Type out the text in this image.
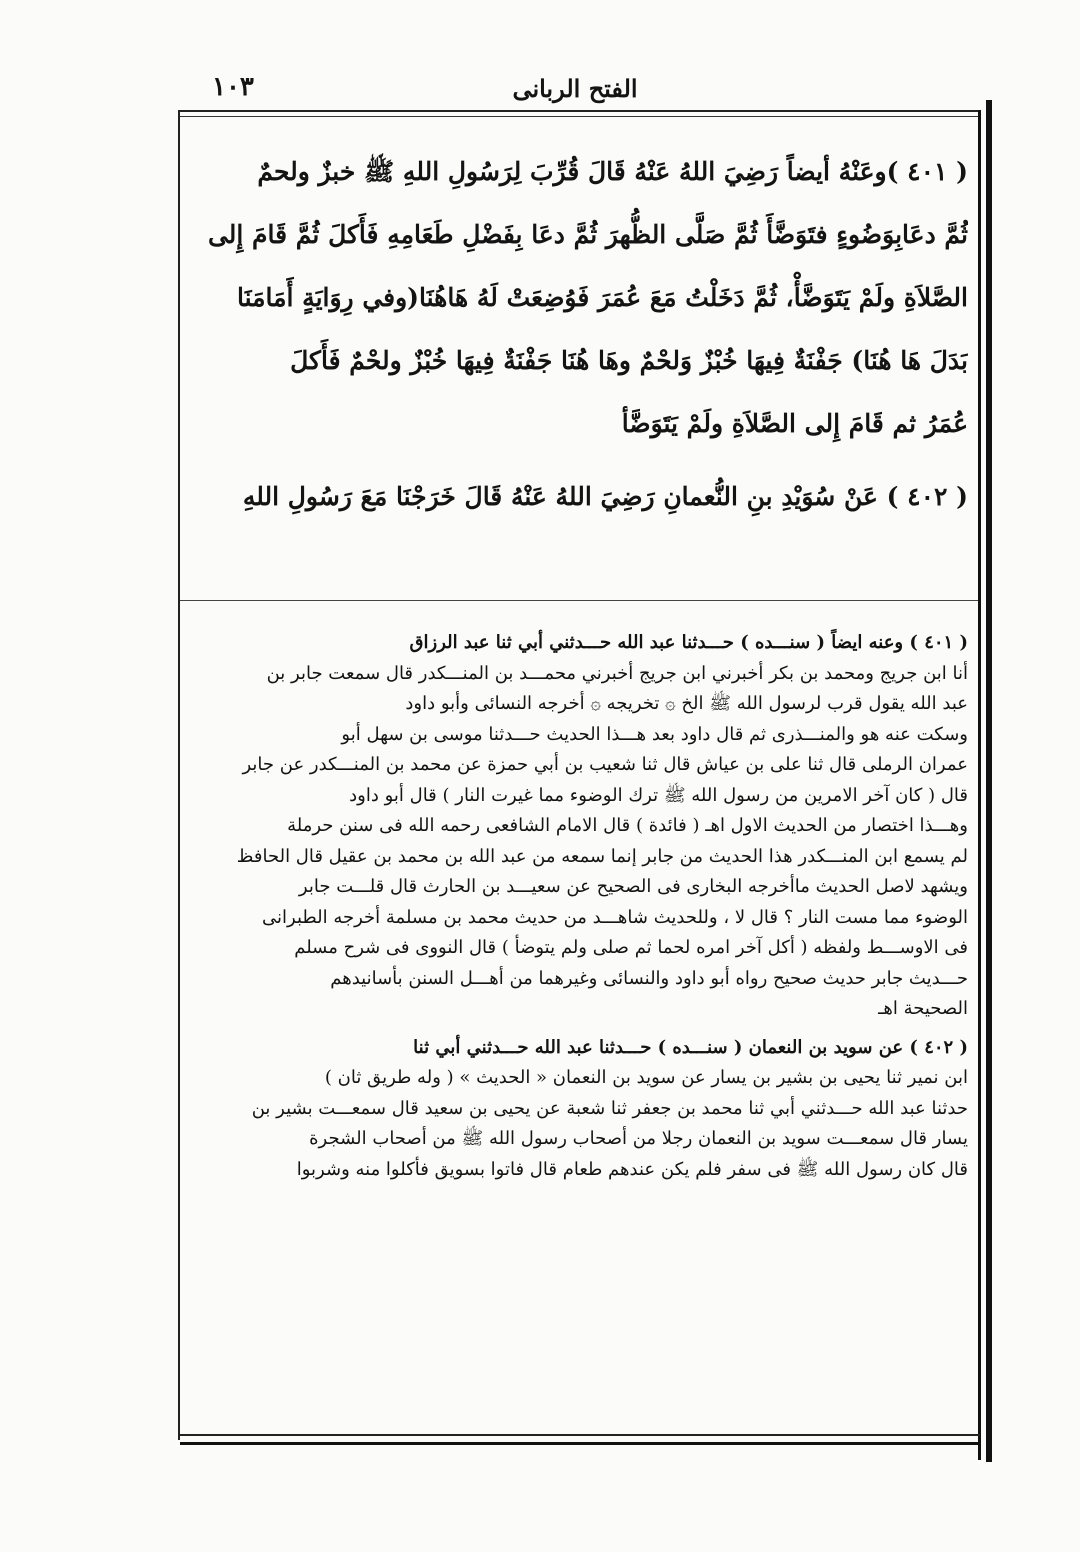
الفتح الربانى
١٠٣
( ٤٠١ )وعَنْهُ أيضاً رَضِيَ اللهُ عَنْهُ قَالَ قُرِّبَ لِرَسُولِ اللهِ ﷺ خبزٌ ولحمٌ
ثُمَّ دعَابِوَضُوءٍ فتَوَضَّأَ ثُمَّ صَلَّى الظُّهرَ ثُمَّ دعَا بِفَضْلِ طَعَامِهِ فَأَكلَ ثُمَّ قَامَ إِلى
الصَّلاَةِ ولَمْ يَتَوَضَّأْ، ثُمَّ دَخَلْتُ مَعَ عُمَرَ فَوُضِعَتْ لَهُ هَاهُنَا(وفي رِوَايَةٍ أَمَامَنَا
بَدَلَ هَا هُنَا) جَفْنَةٌ فِيهَا خُبْزٌ وَلحْمٌ وهَا هُنَا جَفْنَةٌ فِيهَا خُبْزٌ ولحْمٌ فَأَكلَ
عُمَرُ ثم قَامَ إِلى الصَّلاَةِ ولَمْ يَتَوَضَّأ
( ٤٠٢ ) عَنْ سُوَيْدِ بنِ النُّعمانِ رَضِيَ اللهُ عَنْهُ قَالَ خَرَجْنَا مَعَ رَسُولِ اللهِ
( ٤٠١ ) وعنه ايضاً ( سنـــده ) حـــدثنا عبد الله حـــدثني أبي ثنا عبد الرزاق
أنا ابن جريج ومحمد بن بكر أخبرني ابن جريج أخبرني محمـــد بن المنـــكدر قال سمعت جابر بن
عبد الله يقول قرب لرسول الله ﷺ الخ ۞ تخريجه ۞ أخرجه النسائى وأبو داود
وسكت عنه هو والمنـــذرى ثم قال داود بعد هـــذا الحديث حـــدثنا موسى بن سهل أبو
عمران الرملى قال ثنا على بن عياش قال ثنا شعيب بن أبي حمزة عن محمد بن المنـــكدر عن جابر
قال ( كان آخر الامرين من رسول الله ﷺ ترك الوضوء مما غيرت النار ) قال أبو داود
وهـــذا اختصار من الحديث الاول اهـ ( فائدة ) قال الامام الشافعى رحمه الله فى سنن حرملة
لم يسمع ابن المنـــكدر هذا الحديث من جابر إنما سمعه من عبد الله بن محمد بن عقيل قال الحافظ
ويشهد لاصل الحديث ماأخرجه البخارى فى الصحيح عن سعيـــد بن الحارث قال قلـــت جابر
الوضوء مما مست النار ؟ قال لا ، وللحديث شاهـــد من حديث محمد بن مسلمة أخرجه الطبرانى
فى الاوســـط ولفظه ( أكل آخر امره لحما ثم صلى ولم يتوضأ ) قال النووى فى شرح مسلم
حـــديث جابر حديث صحيح رواه أبو داود والنسائى وغيرهما من أهـــل السنن بأسانيدهم
الصحيحة اهـ
( ٤٠٢ ) عن سويد بن النعمان ( سنـــده ) حـــدثنا عبد الله حـــدثني أبي ثنا
ابن نمير ثنا يحيى بن بشير بن يسار عن سويد بن النعمان « الحديث » ( وله طريق ثان )
حدثنا عبد الله حـــدثني أبي ثنا محمد بن جعفر ثنا شعبة عن يحيى بن سعيد قال سمعـــت بشير بن
يسار قال سمعـــت سويد بن النعمان رجلا من أصحاب رسول الله ﷺ من أصحاب الشجرة
قال كان رسول الله ﷺ فى سفر فلم يكن عندهم طعام قال فاتوا بسويق فأكلوا منه وشربوا
